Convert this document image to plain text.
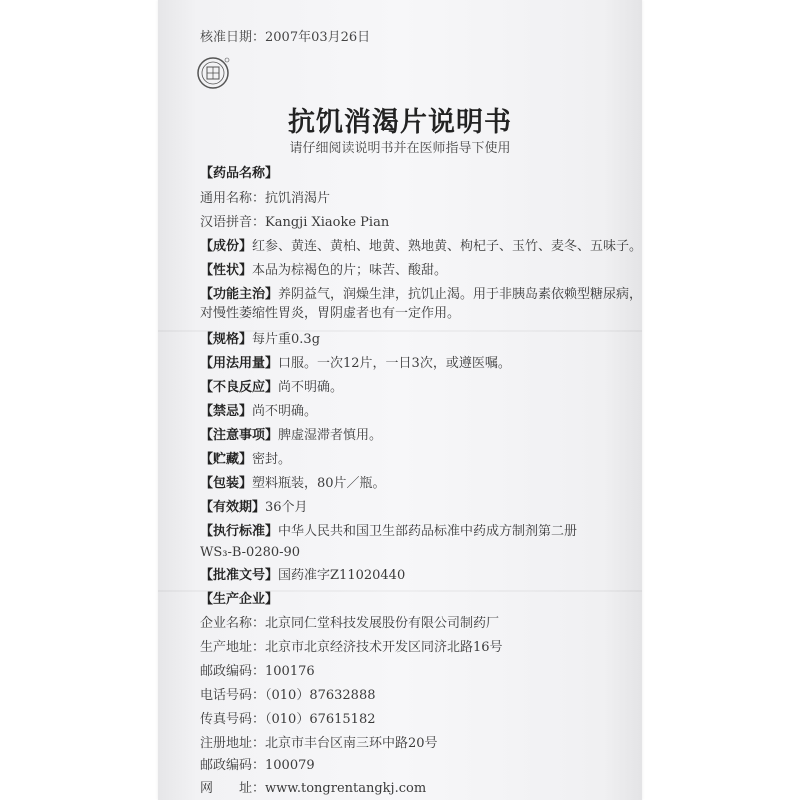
核准日期：2007年03月26日
抗饥消渴片说明书
请仔细阅读说明书并在医师指导下使用
【药品名称】
通用名称：抗饥消渴片
汉语拼音：Kangji Xiaoke Pian
【成份】红参、黄连、黄柏、地黄、熟地黄、枸杞子、玉竹、麦冬、五味子。
【性状】本品为棕褐色的片；味苦、酸甜。
【功能主治】养阴益气，润燥生津，抗饥止渴。用于非胰岛素依赖型糖尿病，
对慢性萎缩性胃炎，胃阴虚者也有一定作用。
【规格】每片重0.3g
【用法用量】口服。一次12片，一日3次，或遵医嘱。
【不良反应】尚不明确。
【禁忌】尚不明确。
【注意事项】脾虚湿滞者慎用。
【贮藏】密封。
【包装】塑料瓶装，80片／瓶。
【有效期】36个月
【执行标准】中华人民共和国卫生部药品标准中药成方制剂第二册
WS₃-B-0280-90
【批准文号】国药准字Z11020440
【生产企业】
企业名称：北京同仁堂科技发展股份有限公司制药厂
生产地址：北京市北京经济技术开发区同济北路16号
邮政编码：100176
电话号码：（010）87632888
传真号码：（010）67615182
注册地址：北京市丰台区南三环中路20号
邮政编码：100079
网　　址：www.tongrentangkj.com
